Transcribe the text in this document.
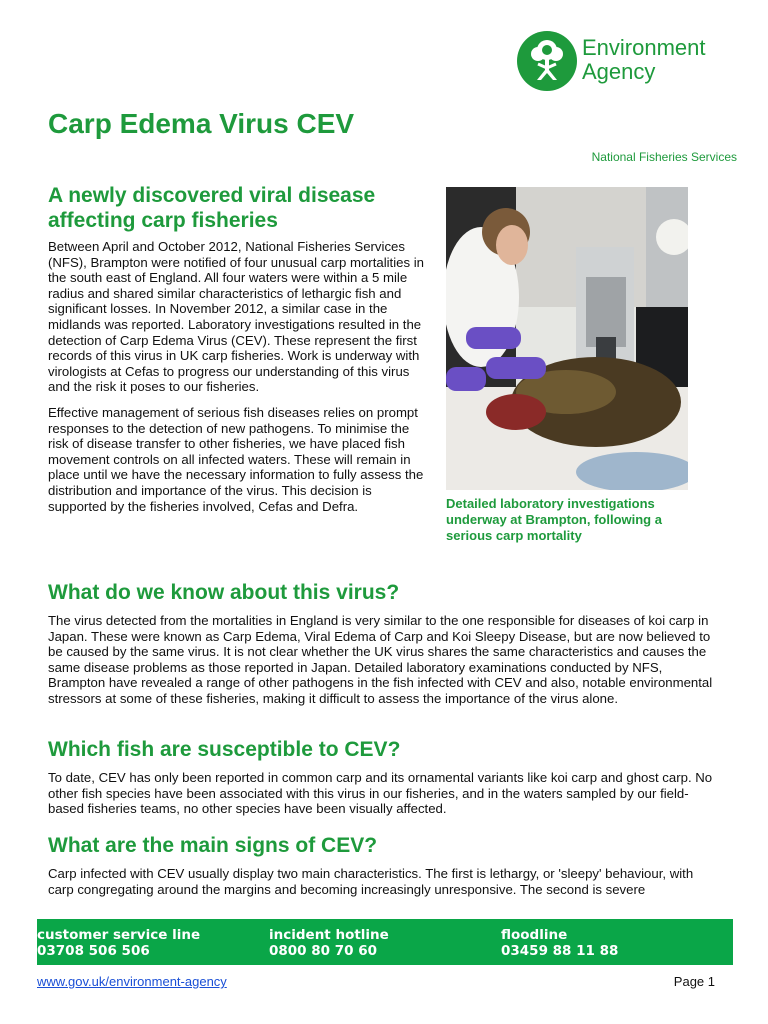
Environment
Agency
Carp Edema Virus CEV
National Fisheries Services
A newly discovered viral disease affecting carp fisheries

Between April and October 2012, National Fisheries Services (NFS), Brampton were notified of four unusual carp mortalities in the south east of England. All four waters were within a 5 mile radius and shared similar characteristics of lethargic fish and significant losses. In November 2012, a similar case in the midlands was reported. Laboratory investigations resulted in the detection of Carp Edema Virus (CEV). These represent the first records of this virus in UK carp fisheries. Work is underway with virologists at Cefas to progress our understanding of this virus and the risk it poses to our fisheries.

Effective management of serious fish diseases relies on prompt responses to the detection of new pathogens. To minimise the risk of disease transfer to other fisheries, we have placed fish movement controls on all infected waters. These will remain in place until we have the necessary information to fully assess the distribution and importance of the virus. This decision is supported by the fisheries involved, Cefas and Defra.	Detailed laboratory investigations underway at Brampton, following a serious carp mortality
What do we know about this virus?

The virus detected from the mortalities in England is very similar to the one responsible for diseases of koi carp in Japan. These were known as Carp Edema, Viral Edema of Carp and Koi Sleepy Disease, but are now believed to be caused by the same virus. It is not clear whether the UK virus shares the same characteristics and causes the same disease problems as those reported in Japan. Detailed laboratory examinations conducted by NFS, Brampton have revealed a range of other pathogens in the fish infected with CEV and also, notable environmental stressors at some of these fisheries, making it difficult to assess the importance of the virus alone.

Which fish are susceptible to CEV?

To date, CEV has only been reported in common carp and its ornamental variants like koi carp and ghost carp. No other fish species have been associated with this virus in our fisheries, and in the waters sampled by our field-based fisheries teams, no other species have been visually affected.

What are the main signs of CEV?

Carp infected with CEV usually display two main characteristics. The first is lethargy, or 'sleepy' behaviour, with carp congregating around the margins and becoming increasingly unresponsive. The second is severe

customer service line
03708 506 506
incident hotline
0800 80 70 60
floodline
03459 88 11 88
www.gov.uk/environment-agency	Page 1
